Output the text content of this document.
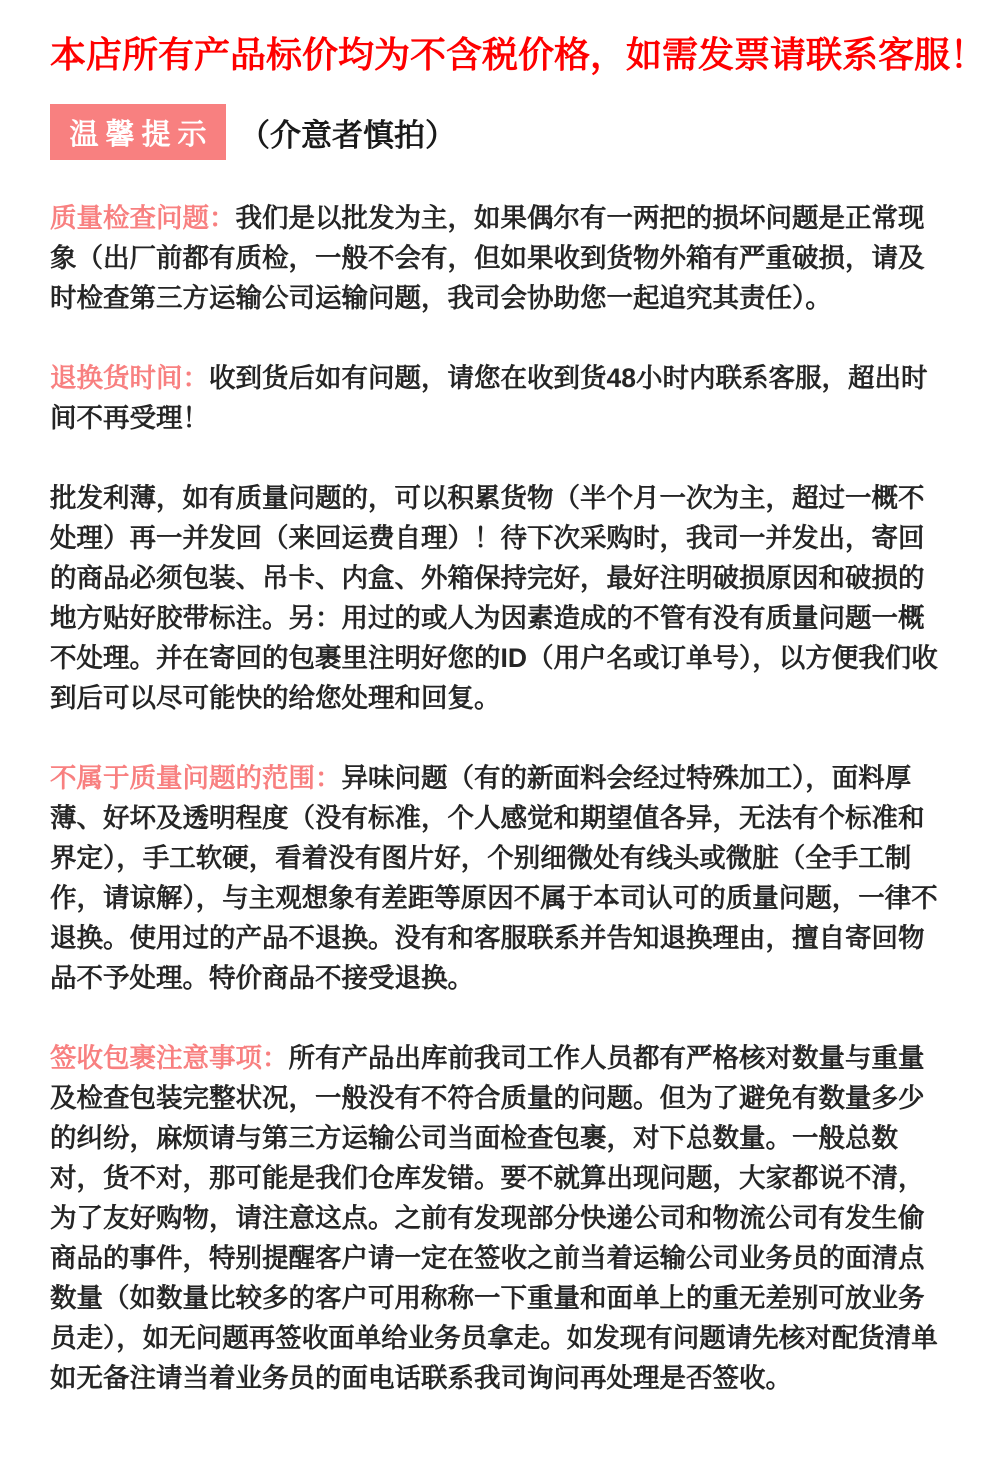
本店所有产品标价均为不含税价格，如需发票请联系客服！
温馨提示 （介意者慎拍）

质量检查问题：我们是以批发为主，如果偶尔有一两把的损坏问题是正常现象（出厂前都有质检，一般不会有，但如果收到货物外箱有严重破损，请及时检查第三方运输公司运输问题，我司会协助您一起追究其责任）。

退换货时间：收到货后如有问题，请您在收到货48小时内联系客服，超出时间不再受理！

批发利薄，如有质量问题的，可以积累货物（半个月一次为主，超过一概不处理）再一并发回（来回运费自理）！待下次采购时，我司一并发出，寄回的商品必须包装、吊卡、内盒、外箱保持完好，最好注明破损原因和破损的地方贴好胶带标注。另：用过的或人为因素造成的不管有没有质量问题一概不处理。并在寄回的包裹里注明好您的ID（用户名或订单号），以方便我们收到后可以尽可能快的给您处理和回复。

不属于质量问题的范围：异味问题（有的新面料会经过特殊加工），面料厚薄、好坏及透明程度（没有标准，个人感觉和期望值各异，无法有个标准和界定），手工软硬，看着没有图片好，个别细微处有线头或微脏（全手工制作，请谅解），与主观想象有差距等原因不属于本司认可的质量问题，一律不退换。使用过的产品不退换。没有和客服联系并告知退换理由，擅自寄回物品不予处理。特价商品不接受退换。

签收包裹注意事项：所有产品出库前我司工作人员都有严格核对数量与重量及检查包装完整状况，一般没有不符合质量的问题。但为了避免有数量多少的纠纷，麻烦请与第三方运输公司当面检查包裹，对下总数量。一般总数对，货不对，那可能是我们仓库发错。要不就算出现问题，大家都说不清，为了友好购物，请注意这点。之前有发现部分快递公司和物流公司有发生偷商品的事件，特别提醒客户请一定在签收之前当着运输公司业务员的面清点数量（如数量比较多的客户可用称称一下重量和面单上的重无差别可放业务员走），如无问题再签收面单给业务员拿走。如发现有问题请先核对配货清单如无备注请当着业务员的面电话联系我司询问再处理是否签收。
